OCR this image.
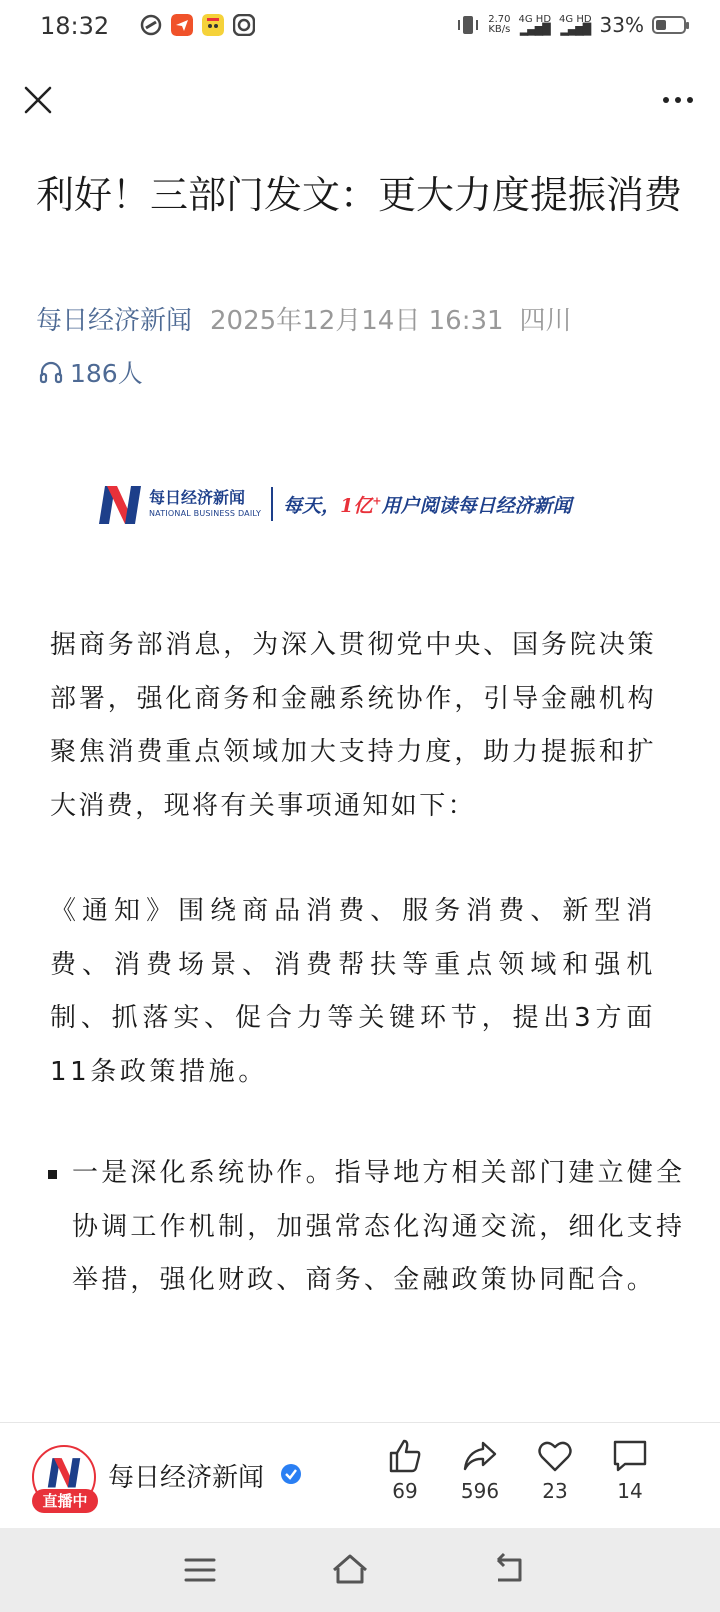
18:32	2.70
KB/s
4G HD
▂▄▆█
4G HD
▂▄▆█ 33%
利好！三部门发文：更大力度提振消费
每日经济新闻 2025年12月14日 16:31 四川
186人
每日经济新闻
NATIONAL BUSINESS DAILY 每天，1亿+用户阅读每日经济新闻

据商务部消息，为深入贯彻党中央、国务院决策部署，强化商务和金融系统协作，引导金融机构聚焦消费重点领域加大支持力度，助力提振和扩大消费，现将有关事项通知如下：

《通知》围绕商品消费、服务消费、新型消费、消费场景、消费帮扶等重点领域和强机制、抓落实、促合力等关键环节，提出3方面11条政策措施。

一是深化系统协作。指导地方相关部门建立健全协调工作机制，加强常态化沟通交流，细化支持举措，强化财政、商务、金融政策协同配合。
直播中
每日经济新闻	69	596	23	14
